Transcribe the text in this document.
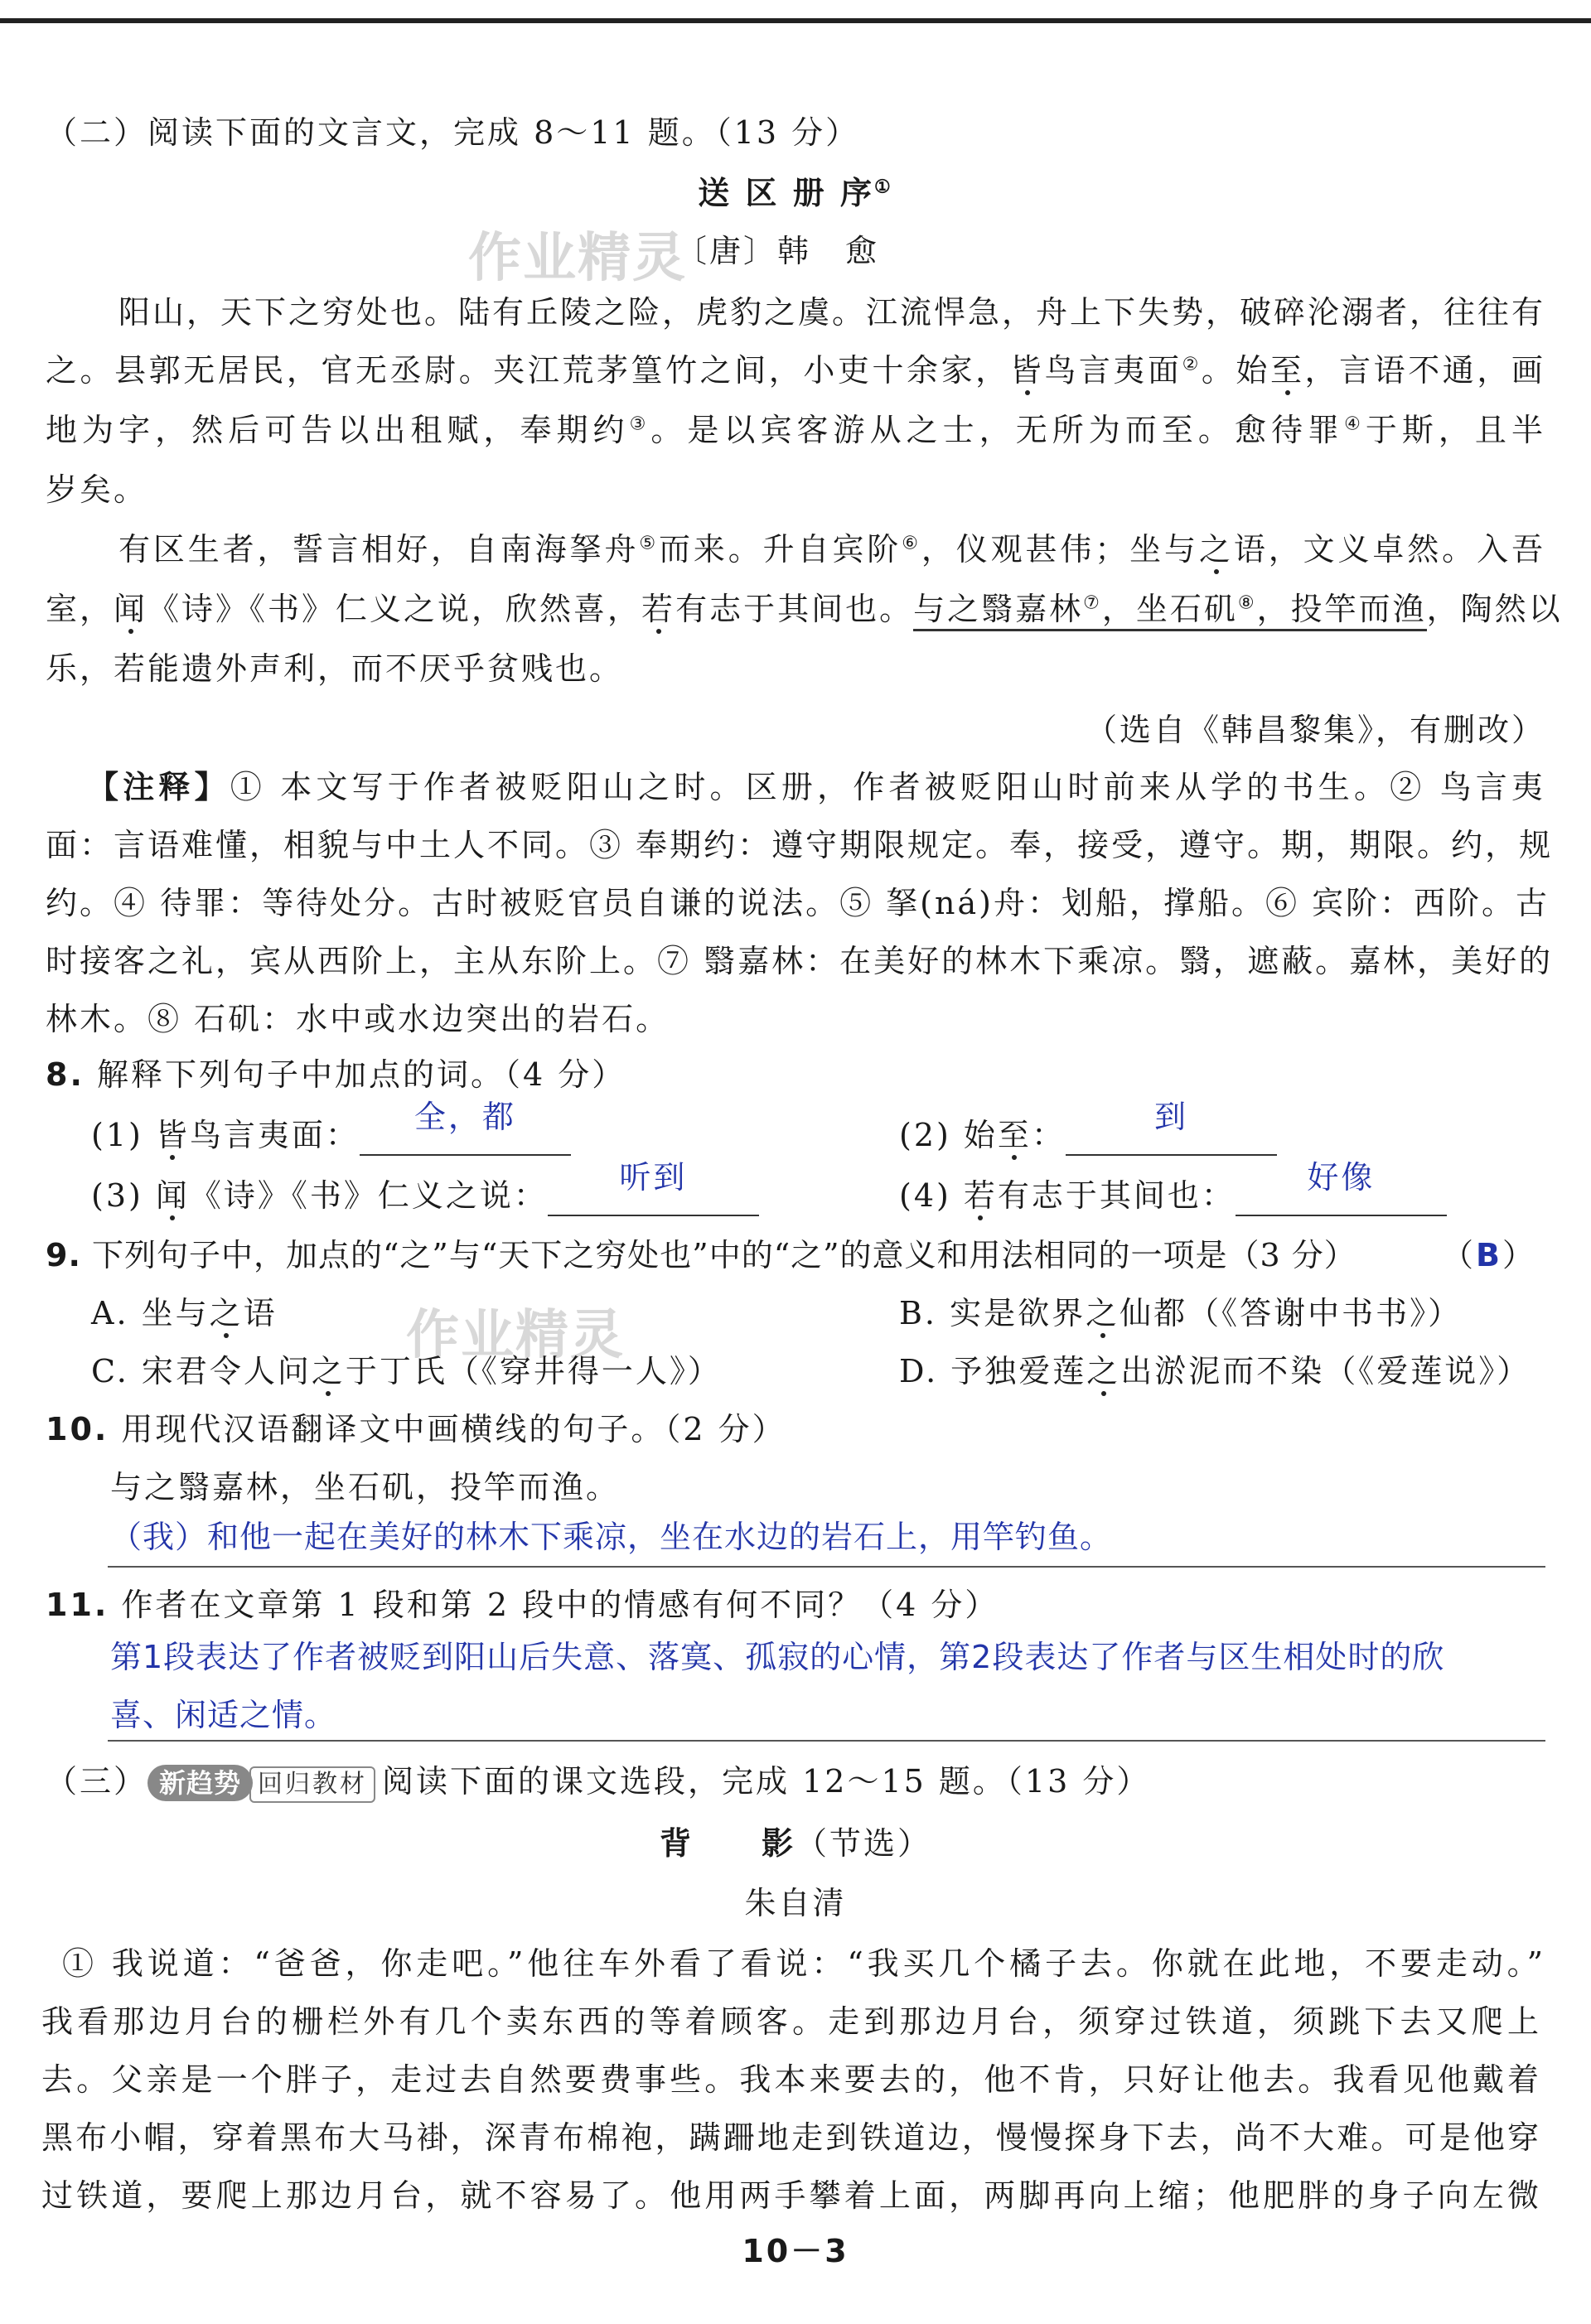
作业精灵
作业精灵
（二）阅读下面的文言文，完成 8～11 题。（13 分）
送 区 册 序①
〔唐〕韩　愈
阳山，天下之穷处也。陆有丘陵之险，虎豹之虞。江流悍急，舟上下失势，破碎沦溺者，往往有
之。县郭无居民，官无丞尉。夹江荒茅篁竹之间，小吏十余家，皆鸟言夷面②。始至，言语不通，画
地为字，然后可告以出租赋，奉期约③。是以宾客游从之士，无所为而至。愈待罪④于斯，且半
岁矣。
有区生者，誓言相好，自南海拏舟⑤而来。升自宾阶⑥，仪观甚伟；坐与之语，文义卓然。入吾
室，闻《诗》《书》仁义之说，欣然喜，若有志于其间也。与之翳嘉林⑦，坐石矶⑧，投竿而渔，陶然以
乐，若能遗外声利，而不厌乎贫贱也。
（选自《韩昌黎集》，有删改）
【注释】① 本文写于作者被贬阳山之时。区册，作者被贬阳山时前来从学的书生。② 鸟言夷
面：言语难懂，相貌与中土人不同。③ 奉期约：遵守期限规定。奉，接受，遵守。期，期限。约，规
约。④ 待罪：等待处分。古时被贬官员自谦的说法。⑤ 拏(ná)舟：划船，撑船。⑥ 宾阶：西阶。古
时接客之礼，宾从西阶上，主从东阶上。⑦ 翳嘉林：在美好的林木下乘凉。翳，遮蔽。嘉林，美好的
林木。⑧ 石矶：水中或水边突出的岩石。
8. 解释下列句子中加点的词。（4 分）
(1) 皆鸟言夷面：	全，都	(2) 始至：	到
(3) 闻《诗》《书》仁义之说：	听到	(4) 若有志于其间也：	好像
9. 下列句子中，加点的“之”与“天下之穷处也”中的“之”的意义和用法相同的一项是（3 分）	（B）
A. 坐与之语	B. 实是欲界之仙都（《答谢中书书》）
C. 宋君令人问之于丁氏（《穿井得一人》）	D. 予独爱莲之出淤泥而不染（《爱莲说》）
10. 用现代汉语翻译文中画横线的句子。（2 分）
与之翳嘉林，坐石矶，投竿而渔。
（我）和他一起在美好的林木下乘凉，坐在水边的岩石上，用竿钓鱼。
11. 作者在文章第 1 段和第 2 段中的情感有何不同？（4 分）
第1段表达了作者被贬到阳山后失意、落寞、孤寂的心情，第2段表达了作者与区生相处时的欣
喜、闲适之情。
（三） 新趋势 回归教材 阅读下面的课文选段，完成 12～15 题。（13 分）
背　　影（节选）
朱自清
① 我说道：“爸爸，你走吧。”他往车外看了看说：“我买几个橘子去。你就在此地，不要走动。”
我看那边月台的栅栏外有几个卖东西的等着顾客。走到那边月台，须穿过铁道，须跳下去又爬上
去。父亲是一个胖子，走过去自然要费事些。我本来要去的，他不肯，只好让他去。我看见他戴着
黑布小帽，穿着黑布大马褂，深青布棉袍，蹒跚地走到铁道边，慢慢探身下去，尚不大难。可是他穿
过铁道，要爬上那边月台，就不容易了。他用两手攀着上面，两脚再向上缩；他肥胖的身子向左微
10－3
